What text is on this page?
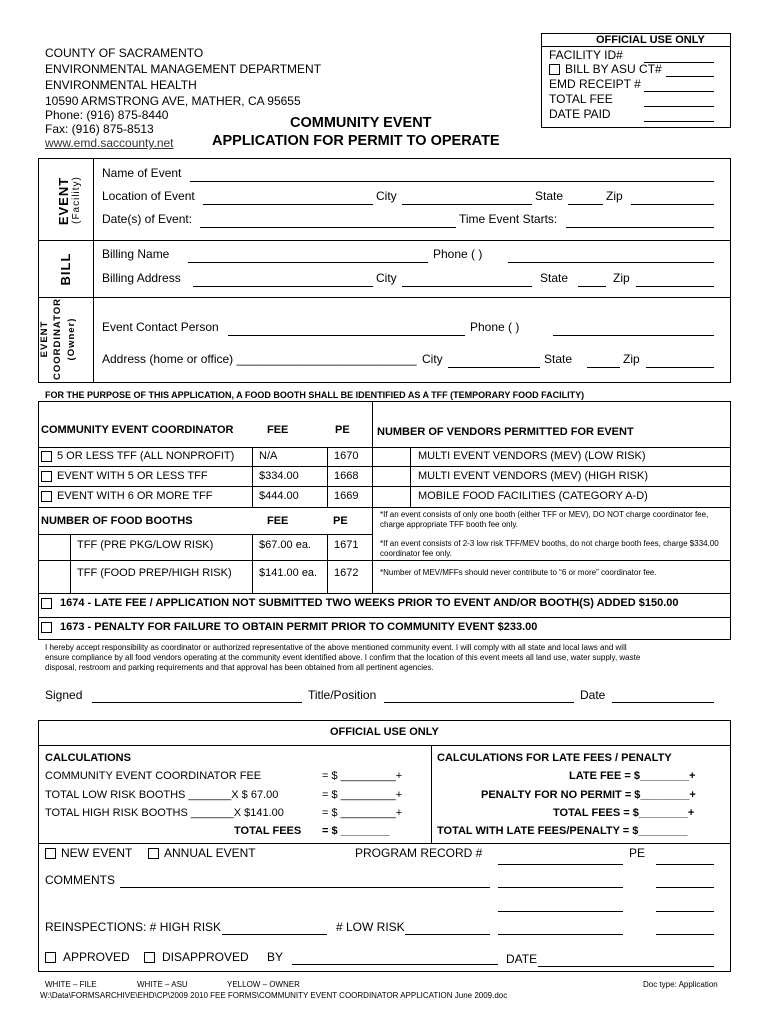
COUNTY OF SACRAMENTO
ENVIRONMENTAL MANAGEMENT DEPARTMENT
ENVIRONMENTAL HEALTH
10590 ARMSTRONG AVE, MATHER, CA 95655
Phone: (916) 875-8440
Fax: (916) 875-8513
www.emd.saccounty.net
COMMUNITY EVENT
APPLICATION FOR PERMIT TO OPERATE
OFFICIAL USE ONLY
FACILITY ID#
BILL BY ASU CT#
EMD RECEIPT #
TOTAL FEE
DATE PAID
EVENT (Facility)
Name of Event
Location of Event	City	State	Zip
Date(s) of Event:	Time Event Starts:
BILL Billing Name	Phone ( )
Billing Address	City	State	Zip
EVENT COORDINATOR (Owner) Event Contact Person	Phone ( )
Address (home or office) ___________________________ City	State	Zip
FOR THE PURPOSE OF THIS APPLICATION, A FOOD BOOTH SHALL BE IDENTIFIED AS A TFF (TEMPORARY FOOD FACILITY)
COMMUNITY EVENT COORDINATOR	FEE	PE NUMBER OF VENDORS PERMITTED FOR EVENT
5 OR LESS TFF (ALL NONPROFIT) N/A	1670	MULTI EVENT VENDORS (MEV) (LOW RISK)
EVENT WITH 5 OR LESS TFF	$334.00	1668	MULTI EVENT VENDORS (MEV) (HIGH RISK)
EVENT WITH 6 OR MORE TFF	$444.00	1669	MOBILE FOOD FACILITIES (CATEGORY A-D)
NUMBER OF FOOD BOOTHS	FEE	PE
TFF (PRE PKG/LOW RISK)	$67.00 ea. 1671
TFF (FOOD PREP/HIGH RISK) $141.00 ea. 1672
*If an event consists of only one booth (either TFF or MEV), DO NOT charge coordinator fee, charge appropriate TFF booth fee only.
*If an event consists of 2-3 low risk TFF/MEV booths, do not charge booth fees, charge $334.00 coordinator fee only.
*Number of MEV/MFFs should never contribute to “6 or more” coordinator fee.
1674 - LATE FEE / APPLICATION NOT SUBMITTED TWO WEEKS PRIOR TO EVENT AND/OR BOOTH(S) ADDED $150.00
1673 - PENALTY FOR FAILURE TO OBTAIN PERMIT PRIOR TO COMMUNITY EVENT $233.00
I hereby accept responsibility as coordinator or authorized representative of the above mentioned community event. I will comply with all state and local laws and will
ensure compliance by all food vendors operating at the community event identified above. I confirm that the location of this event meets all land use, water supply, waste
disposal, restroom and parking requirements and that approval has been obtained from all pertinent agencies.
Signed	Title/Position	Date
OFFICIAL USE ONLY
CALCULATIONS
COMMUNITY EVENT COORDINATOR FEE	= $ _________+
TOTAL LOW RISK BOOTHS _______X $ 67.00	= $ _________+
TOTAL HIGH RISK BOOTHS _______X $141.00	= $ _________+
TOTAL FEES = $ ________
CALCULATIONS FOR LATE FEES / PENALTY
LATE FEE = $________+
PENALTY FOR NO PERMIT = $________+
TOTAL FEES = $________+
TOTAL WITH LATE FEES/PENALTY = $________
NEW EVENT	ANNUAL EVENT	PROGRAM RECORD #	PE
COMMENTS
REINSPECTIONS: # HIGH RISK	# LOW RISK
APPROVED	DISAPPROVED BY	DATE
WHITE – FILE	WHITE – ASU	YELLOW – OWNER	Doc type: Application
W:\Data\FORMSARCHIVE\EHD\CP\2009 2010 FEE FORMS\COMMUNITY EVENT COORDINATOR APPLICATION June 2009.doc
